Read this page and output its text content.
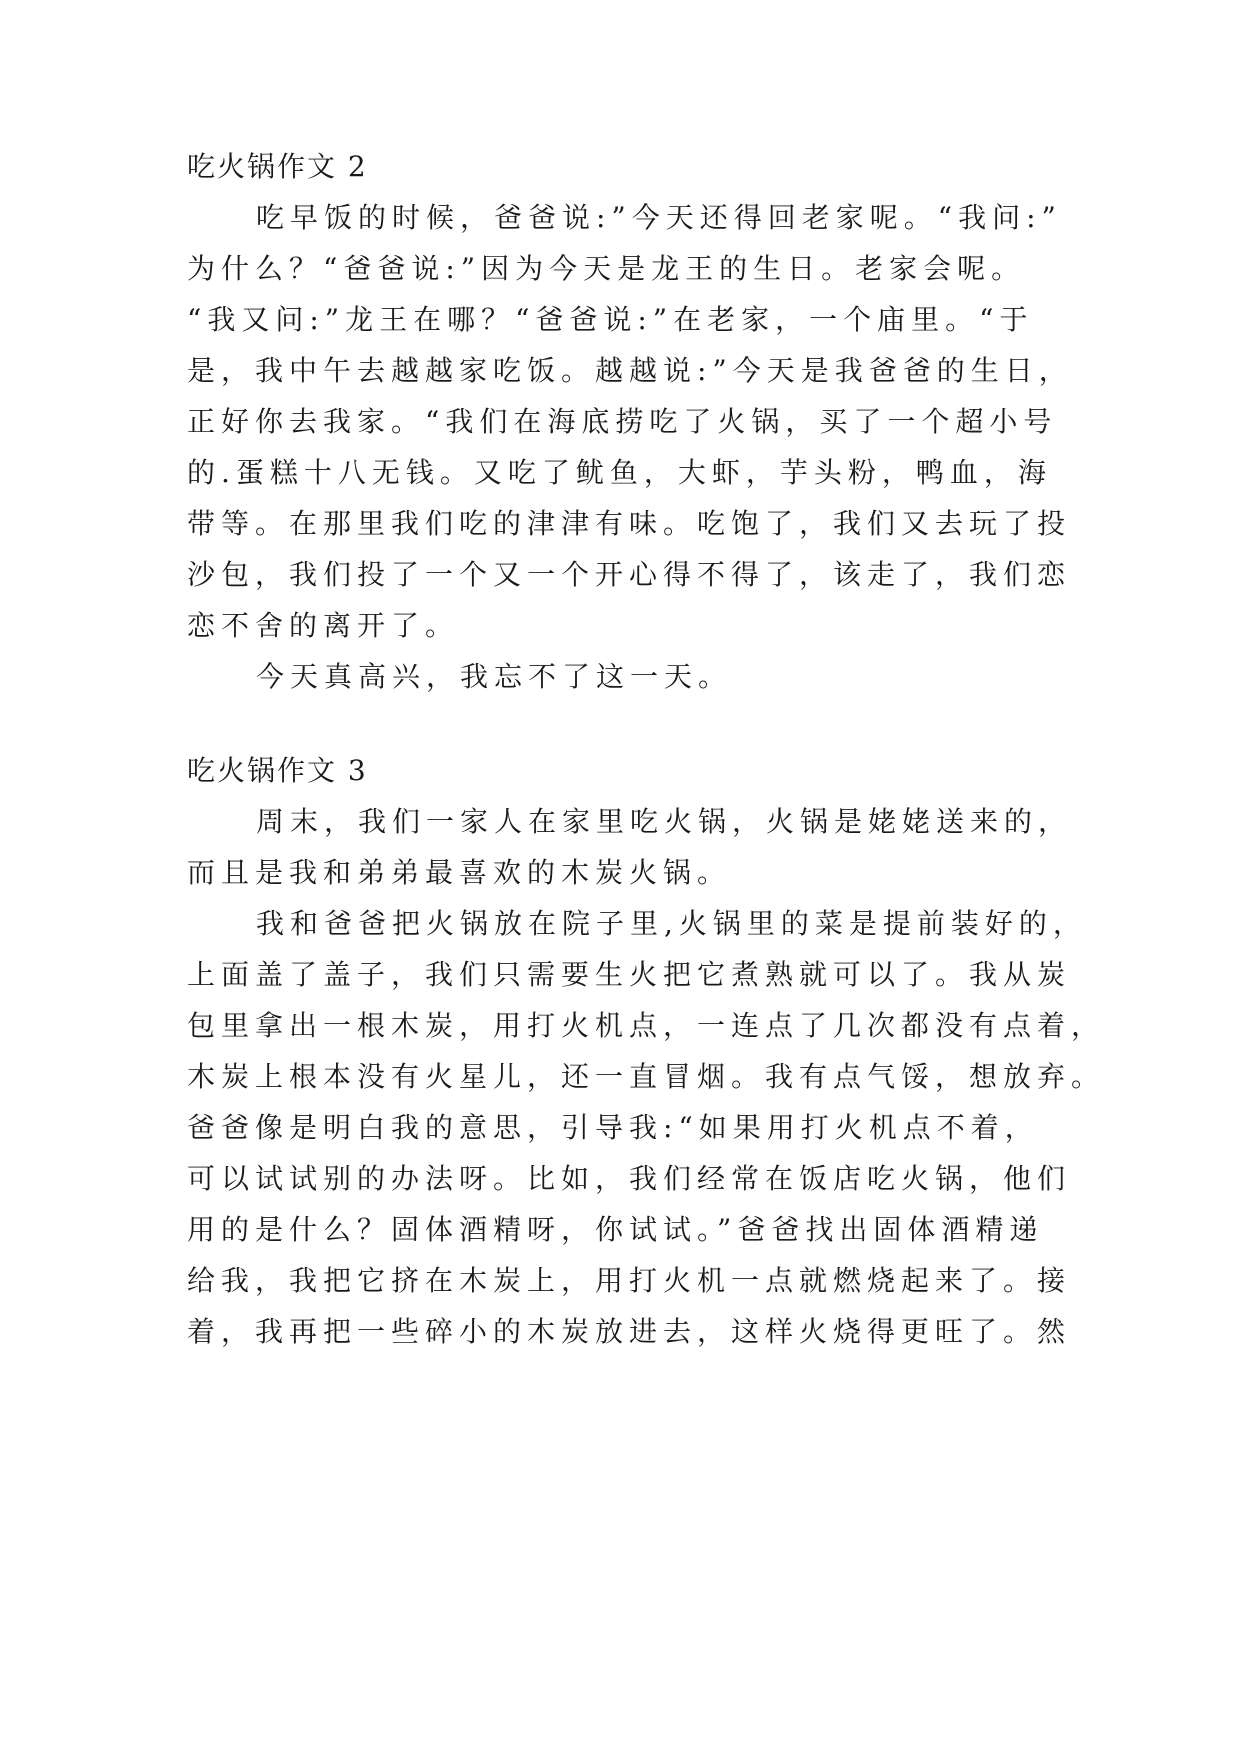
吃火锅作文 2

吃早饭的时候，爸爸说:”今天还得回老家呢。“我问:”

为什么？“爸爸说:”因为今天是龙王的生日。老家会呢。

“我又问:”龙王在哪？“爸爸说:”在老家，一个庙里。“于

是，我中午去越越家吃饭。越越说:”今天是我爸爸的生日，

正好你去我家。“我们在海底捞吃了火锅，买了一个超小号

的.蛋糕十八无钱。又吃了鱿鱼，大虾，芋头粉，鸭血，海

带等。在那里我们吃的津津有味。吃饱了，我们又去玩了投

沙包，我们投了一个又一个开心得不得了，该走了，我们恋

恋不舍的离开了。

今天真高兴，我忘不了这一天。

吃火锅作文 3

周末，我们一家人在家里吃火锅，火锅是姥姥送来的，

而且是我和弟弟最喜欢的木炭火锅。

我和爸爸把火锅放在院子里,火锅里的菜是提前装好的，

上面盖了盖子，我们只需要生火把它煮熟就可以了。我从炭

包里拿出一根木炭，用打火机点，一连点了几次都没有点着，

木炭上根本没有火星儿，还一直冒烟。我有点气馁，想放弃。

爸爸像是明白我的意思，引导我:“如果用打火机点不着，

可以试试别的办法呀。比如，我们经常在饭店吃火锅，他们

用的是什么？固体酒精呀，你试试。”爸爸找出固体酒精递

给我，我把它挤在木炭上，用打火机一点就燃烧起来了。接

着，我再把一些碎小的木炭放进去，这样火烧得更旺了。然
